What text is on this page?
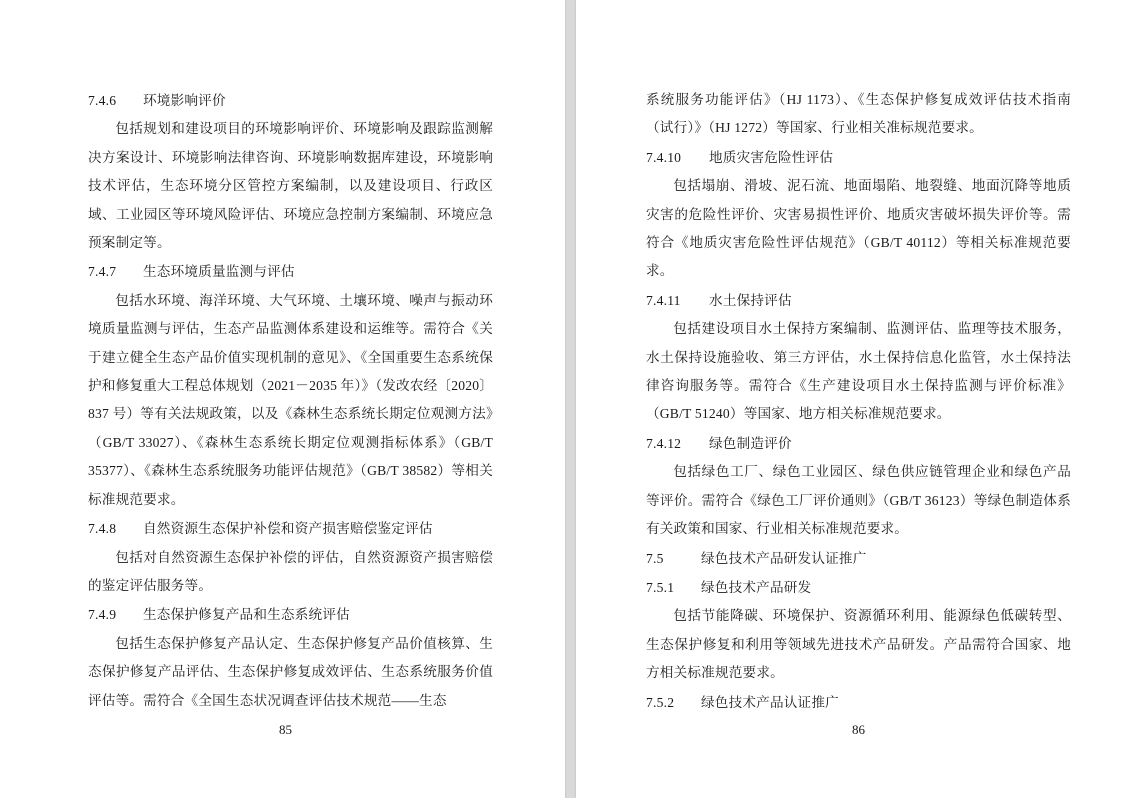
7.4.6 环境影响评价

包括规划和建设项目的环境影响评价、环境影响及跟踪监测解决方案设计、环境影响法律咨询、环境影响数据库建设，环境影响技术评估，生态环境分区管控方案编制，以及建设项目、行政区域、工业园区等环境风险评估、环境应急控制方案编制、环境应急预案制定等。

7.4.7 生态环境质量监测与评估

包括水环境、海洋环境、大气环境、土壤环境、噪声与振动环境质量监测与评估，生态产品监测体系建设和运维等。需符合《关于建立健全生态产品价值实现机制的意见》、《全国重要生态系统保护和修复重大工程总体规划（2021－2035 年）》（发改农经〔2020〕837 号）等有关法规政策，以及《森林生态系统长期定位观测方法》（GB/T 33027）、《森林生态系统长期定位观测指标体系》（GB/T 35377）、《森林生态系统服务功能评估规范》（GB/T 38582）等相关标准规范要求。

7.4.8 自然资源生态保护补偿和资产损害赔偿鉴定评估

包括对自然资源生态保护补偿的评估，自然资源资产损害赔偿的鉴定评估服务等。

7.4.9 生态保护修复产品和生态系统评估

包括生态保护修复产品认定、生态保护修复产品价值核算、生态保护修复产品评估、生态保护修复成效评估、生态系统服务价值评估等。需符合《全国生态状况调查评估技术规范——生态

85

系统服务功能评估》（HJ 1173）、《生态保护修复成效评估技术指南（试行）》（HJ 1272）等国家、行业相关准标规范要求。

7.4.10 地质灾害危险性评估

包括塌崩、滑坡、泥石流、地面塌陷、地裂缝、地面沉降等地质灾害的危险性评价、灾害易损性评价、地质灾害破坏损失评价等。需符合《地质灾害危险性评估规范》（GB/T 40112）等相关标准规范要求。

7.4.11 水土保持评估

包括建设项目水土保持方案编制、监测评估、监理等技术服务，水土保持设施验收、第三方评估，水土保持信息化监管，水土保持法律咨询服务等。需符合《生产建设项目水土保持监测与评价标准》（GB/T 51240）等国家、地方相关标准规范要求。

7.4.12 绿色制造评价

包括绿色工厂、绿色工业园区、绿色供应链管理企业和绿色产品等评价。需符合《绿色工厂评价通则》（GB/T 36123）等绿色制造体系有关政策和国家、行业相关标准规范要求。

7.5	绿色技术产品研发认证推广

7.5.1 绿色技术产品研发

包括节能降碳、环境保护、资源循环利用、能源绿色低碳转型、生态保护修复和利用等领域先进技术产品研发。产品需符合国家、地方相关标准规范要求。

7.5.2 绿色技术产品认证推广

86
